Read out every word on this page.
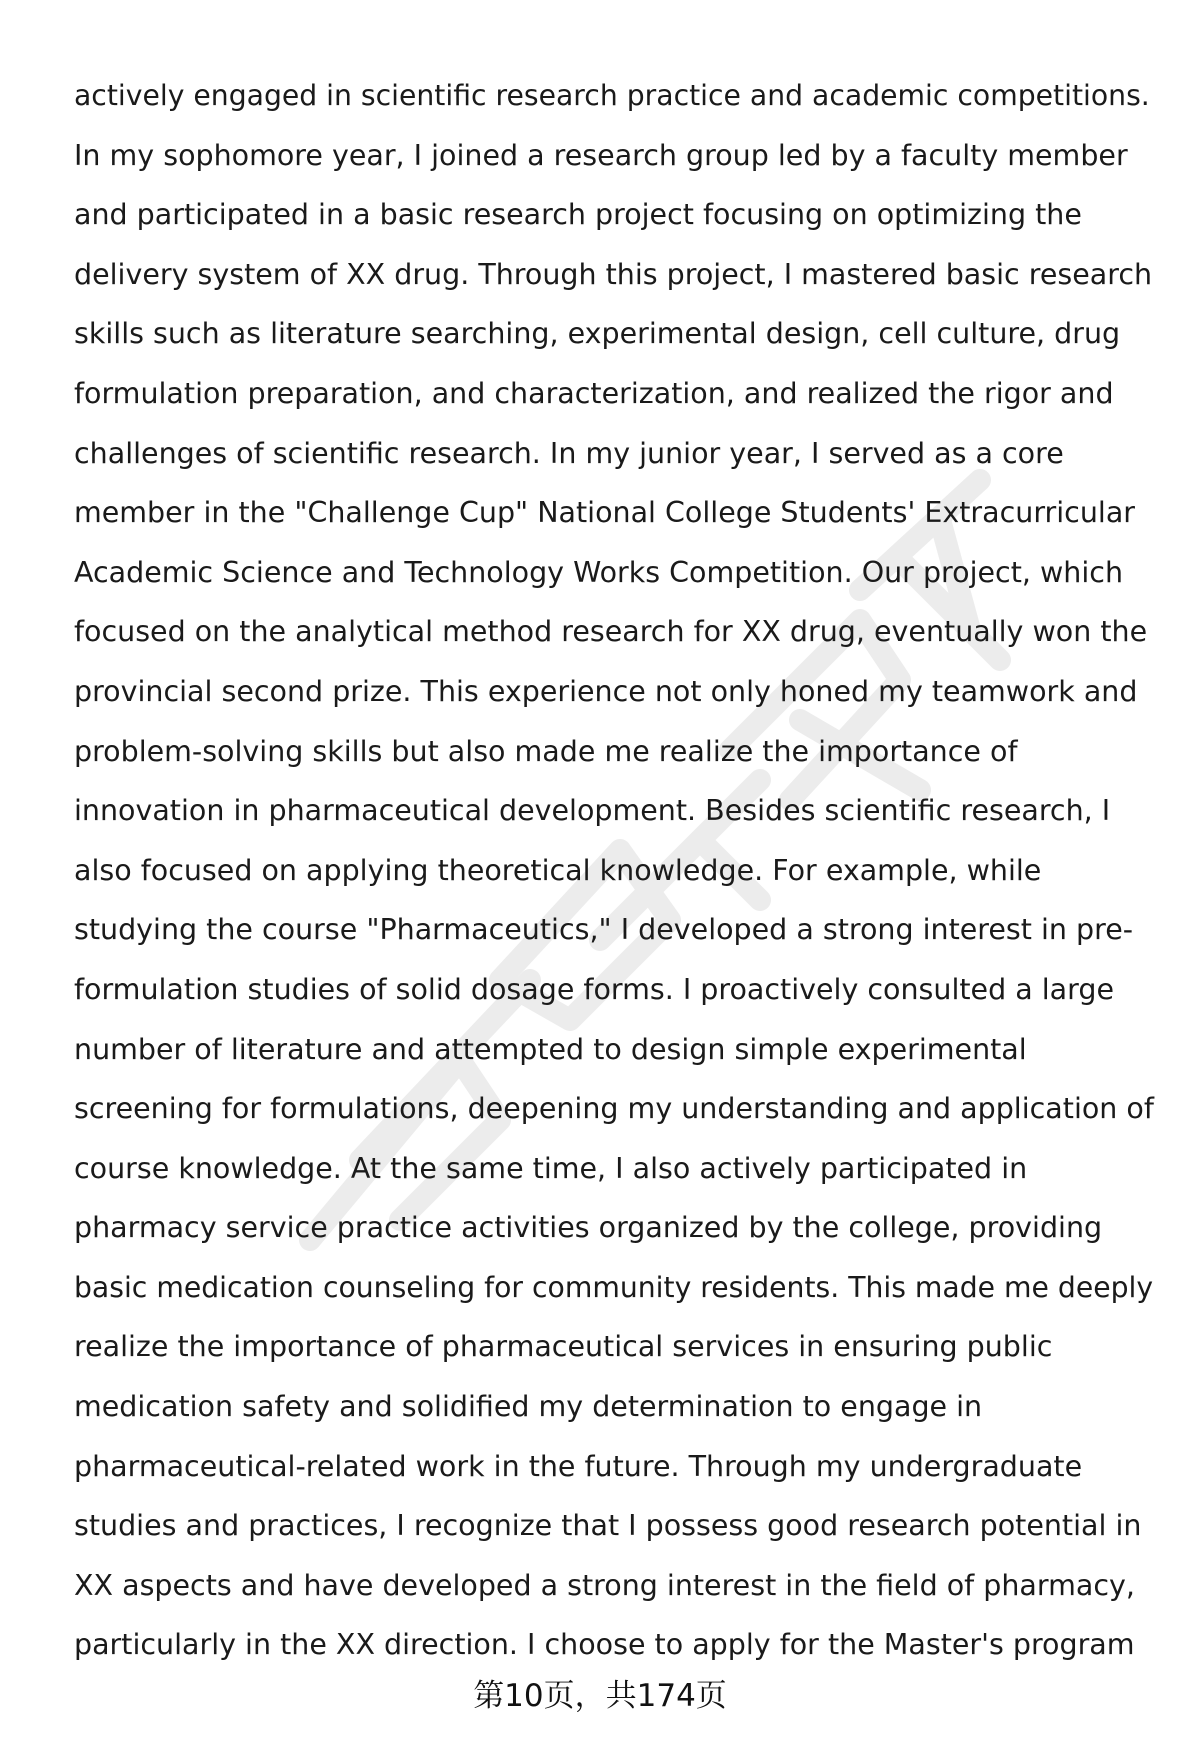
actively engaged in scientific research practice and academic competitions.
In my sophomore year, I joined a research group led by a faculty member
and participated in a basic research project focusing on optimizing the
delivery system of XX drug. Through this project, I mastered basic research
skills such as literature searching, experimental design, cell culture, drug
formulation preparation, and characterization, and realized the rigor and
challenges of scientific research. In my junior year, I served as a core
member in the "Challenge Cup" National College Students' Extracurricular
Academic Science and Technology Works Competition. Our project, which
focused on the analytical method research for XX drug, eventually won the
provincial second prize. This experience not only honed my teamwork and
problem-solving skills but also made me realize the importance of
innovation in pharmaceutical development. Besides scientific research, I
also focused on applying theoretical knowledge. For example, while
studying the course "Pharmaceutics," I developed a strong interest in pre-
formulation studies of solid dosage forms. I proactively consulted a large
number of literature and attempted to design simple experimental
screening for formulations, deepening my understanding and application of
course knowledge. At the same time, I also actively participated in
pharmacy service practice activities organized by the college, providing
basic medication counseling for community residents. This made me deeply
realize the importance of pharmaceutical services in ensuring public
medication safety and solidified my determination to engage in
pharmaceutical-related work in the future. Through my undergraduate
studies and practices, I recognize that I possess good research potential in
XX aspects and have developed a strong interest in the field of pharmacy,
particularly in the XX direction. I choose to apply for the Master's program
第10页，共174页
